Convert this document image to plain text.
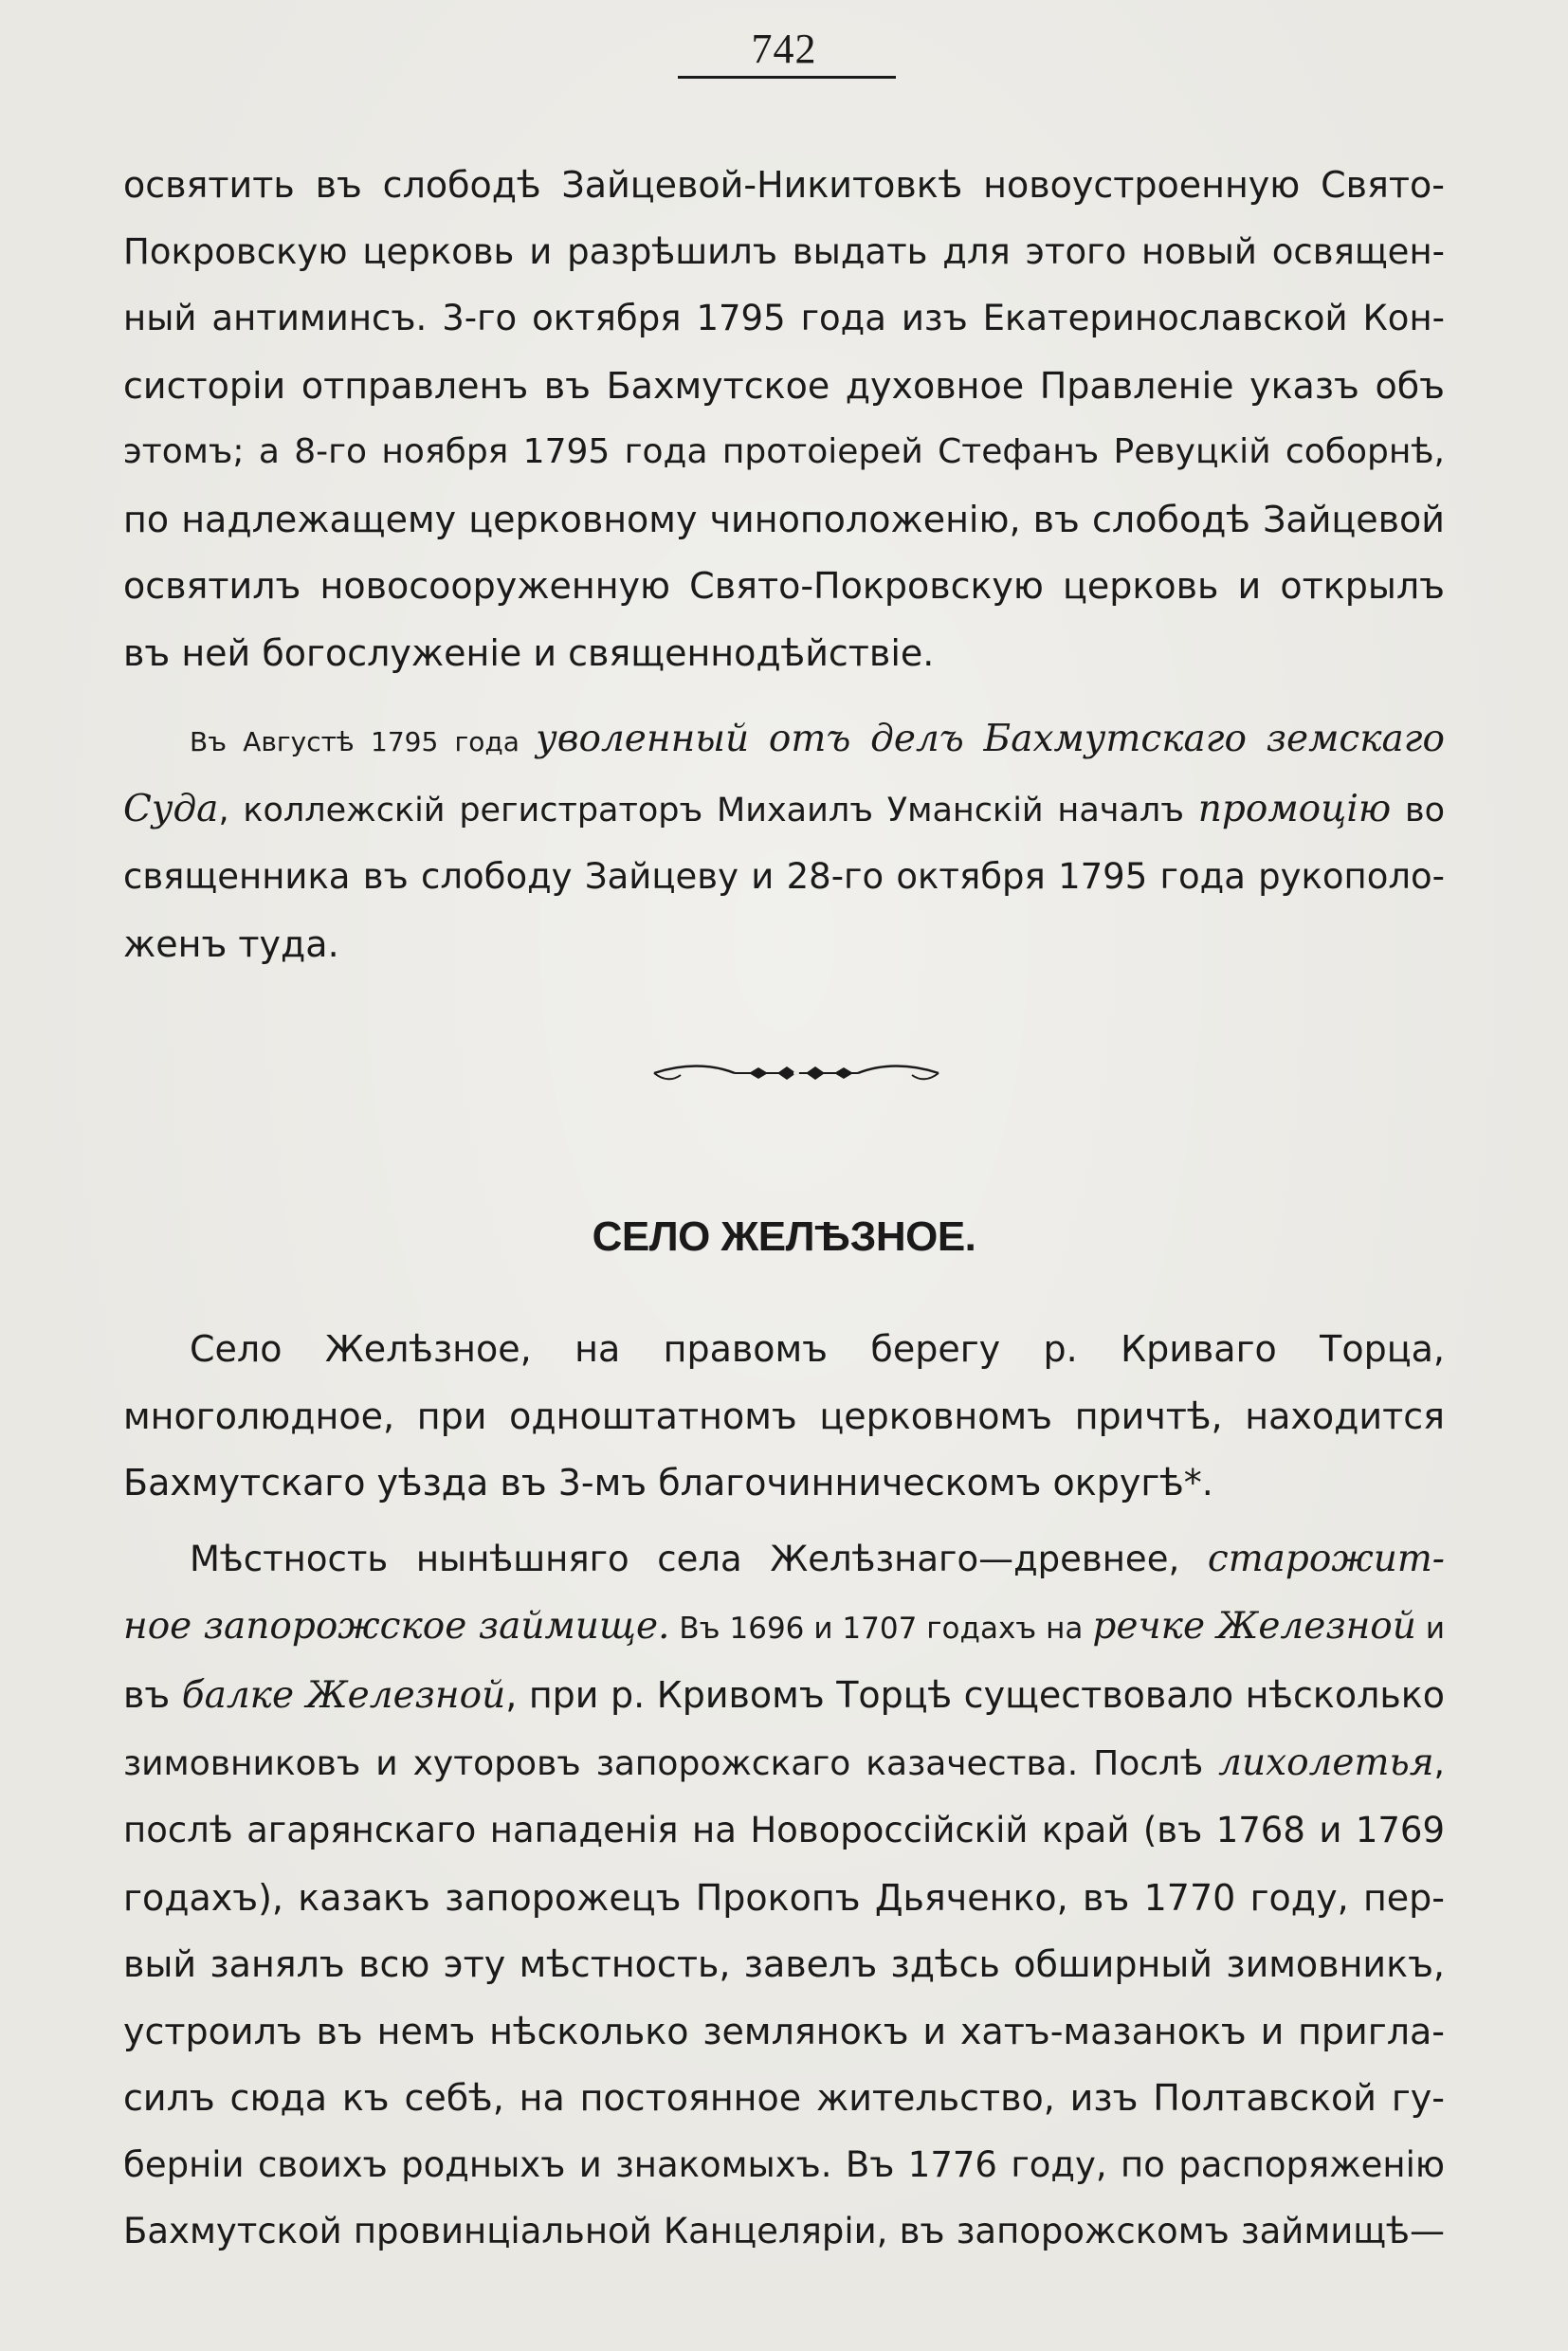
742
освятить въ слободѣ Зайцевой-Никитовкѣ новоустроенную Свято-
Покровскую церковь и разрѣшилъ выдать для этого новый освящен-
ный антиминсъ. 3-го октября 1795 года изъ Екатеринославской Кон-
систоріи отправленъ въ Бахмутское духовное Правленіе указъ объ
этомъ; а 8-го ноября 1795 года протоіерей Стефанъ Ревуцкій соборнѣ,
по надлежащему церковному чиноположенію, въ слободѣ Зайцевой
освятилъ новосооруженную Свято-Покровскую церковь и открылъ
въ ней богослуженіе и священнодѣйствіе.
Въ Августѣ 1795 года уволенный отъ делъ Бахмутскаго земскаго
Суда, коллежскій регистраторъ Михаилъ Уманскій началъ промоцію во
священника въ слободу Зайцеву и 28-го октября 1795 года рукополо-
женъ туда.
СЕЛО ЖЕЛѢЗНОЕ.
Село Желѣзное, на правомъ берегу р. Криваго Торца,
многолюдное, при одноштатномъ церковномъ причтѣ, находится
Бахмутскаго уѣзда въ 3-мъ благочинническомъ округѣ*.
Мѣстность нынѣшняго села Желѣзнаго—древнее, старожит-
ное запорожское займище. Въ 1696 и 1707 годахъ на речке Железной и
въ балке Железной, при р. Кривомъ Торцѣ существовало нѣсколько
зимовниковъ и хуторовъ запорожскаго казачества. Послѣ лихолетья,
послѣ агарянскаго нападенія на Новороссійскій край (въ 1768 и 1769
годахъ), казакъ запорожецъ Прокопъ Дьяченко, въ 1770 году, пер-
вый занялъ всю эту мѣстность, завелъ здѣсь обширный зимовникъ,
устроилъ въ немъ нѣсколько землянокъ и хатъ-мазанокъ и пригла-
силъ сюда къ себѣ, на постоянное жительство, изъ Полтавской гу-
берніи своихъ родныхъ и знакомыхъ. Въ 1776 году, по распоряженію
Бахмутской провинціальной Канцеляріи, въ запорожскомъ займищѣ—
